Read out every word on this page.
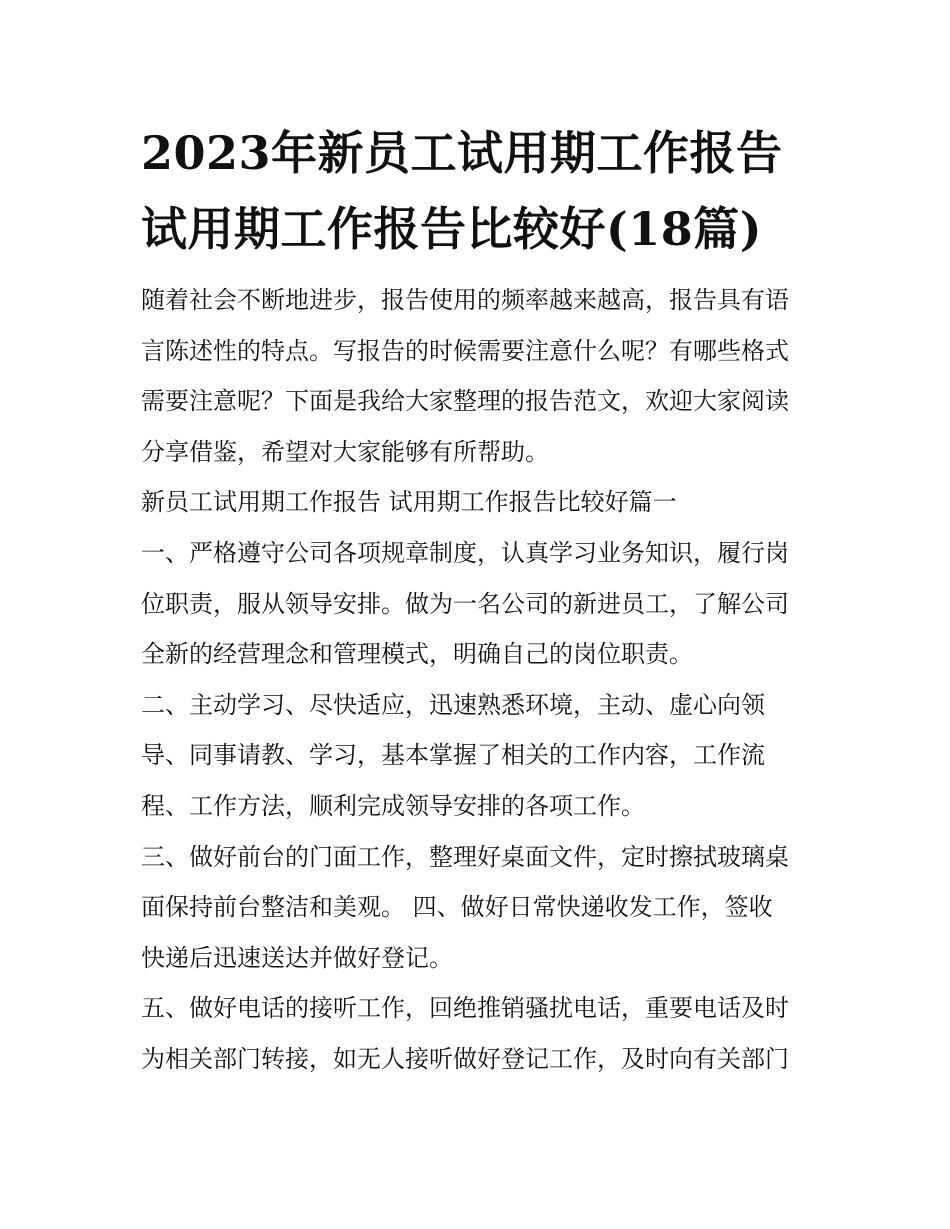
2023年新员工试用期工作报告
试用期工作报告比较好(18篇)

随着社会不断地进步，报告使用的频率越来越高，报告具有语
言陈述性的特点。写报告的时候需要注意什么呢？有哪些格式
需要注意呢？下面是我给大家整理的报告范文，欢迎大家阅读
分享借鉴，希望对大家能够有所帮助。

新员工试用期工作报告 试用期工作报告比较好篇一

一、严格遵守公司各项规章制度，认真学习业务知识，履行岗
位职责，服从领导安排。做为一名公司的新进员工，了解公司
全新的经营理念和管理模式，明确自己的岗位职责。

二、主动学习、尽快适应，迅速熟悉环境，主动、虚心向领
导、同事请教、学习，基本掌握了相关的工作内容，工作流
程、工作方法，顺利完成领导安排的各项工作。

三、做好前台的门面工作，整理好桌面文件，定时擦拭玻璃桌
面保持前台整洁和美观。 四、做好日常快递收发工作，签收
快递后迅速送达并做好登记。

五、做好电话的接听工作，回绝推销骚扰电话，重要电话及时
为相关部门转接，如无人接听做好登记工作，及时向有关部门
